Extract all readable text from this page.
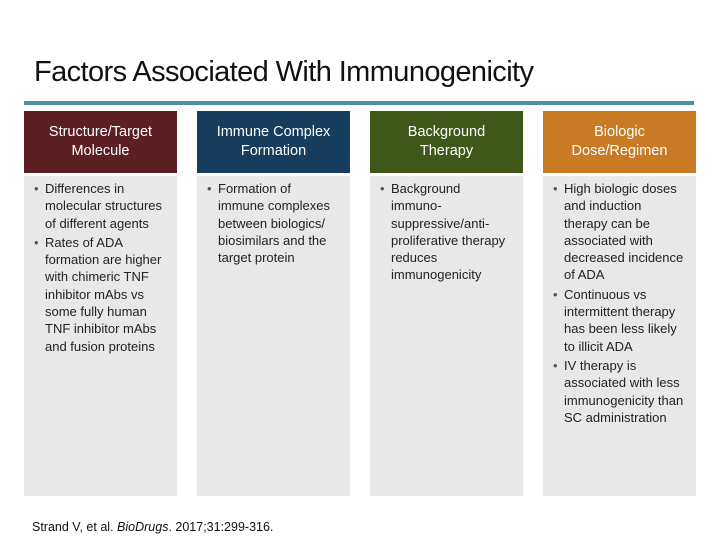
Factors Associated With Immunogenicity
Structure/Target
Molecule
• Differences in molecular structures of different agents
• Rates of ADA formation are higher with chimeric TNF inhibitor mAbs vs some fully human TNF inhibitor mAbs and fusion proteins
Immune Complex
Formation
• Formation of immune complexes between biologics/ biosimilars and the target protein
Background
Therapy
• Background immuno-suppressive/anti-proliferative therapy reduces immunogenicity
Biologic
Dose/Regimen
• High biologic doses and induction therapy can be associated with decreased incidence of ADA
• Continuous vs intermittent therapy has been less likely to illicit ADA
• IV therapy is associated with less immunogenicity than SC administration
Strand V, et al. BioDrugs. 2017;31:299-316.
